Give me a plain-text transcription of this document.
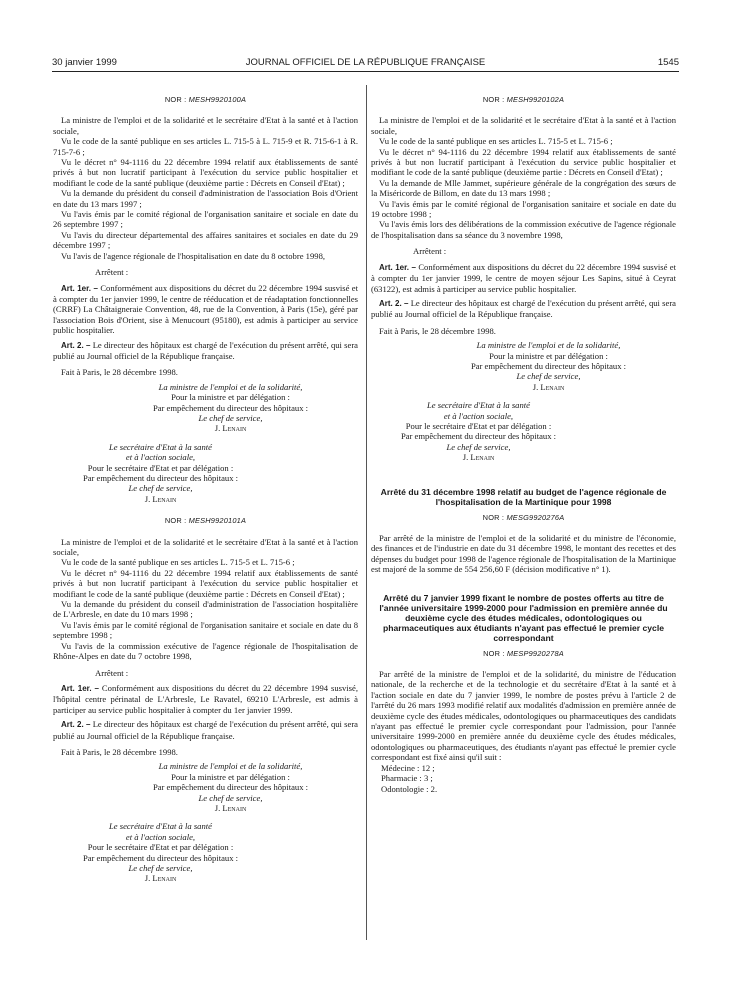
30 janvier 1999	JOURNAL OFFICIEL DE LA RÉPUBLIQUE FRANÇAISE	1545
NOR : MESH9920100A

La ministre de l'emploi et de la solidarité et le secrétaire d'Etat à la santé et à l'action sociale,

Vu le code de la santé publique en ses articles L. 715-5 à L. 715-9 et R. 715-6-1 à R. 715-7-6 ;

Vu le décret n° 94-1116 du 22 décembre 1994 relatif aux établissements de santé privés à but non lucratif participant à l'exécution du service public hospitalier et modifiant le code de la santé publique (deuxième partie : Décrets en Conseil d'Etat) ;

Vu la demande du président du conseil d'administration de l'association Bois d'Orient en date du 13 mars 1997 ;

Vu l'avis émis par le comité régional de l'organisation sanitaire et sociale en date du 26 septembre 1997 ;

Vu l'avis du directeur départemental des affaires sanitaires et sociales en date du 29 décembre 1997 ;

Vu l'avis de l'agence régionale de l'hospitalisation en date du 8 octobre 1998,

Arrêtent :

Art. 1er. – Conformément aux dispositions du décret du 22 décembre 1994 susvisé et à compter du 1er janvier 1999, le centre de rééducation et de réadaptation fonctionnelles (CRRF) La Châtaigneraie Convention, 48, rue de la Convention, à Paris (15e), géré par l'association Bois d'Orient, sise à Menucourt (95180), est admis à participer au service public hospitalier.

Art. 2. – Le directeur des hôpitaux est chargé de l'exécution du présent arrêté, qui sera publié au Journal officiel de la République française.

Fait à Paris, le 28 décembre 1998.

La ministre de l'emploi et de la solidarité,
Pour la ministre et par délégation :
Par empêchement du directeur des hôpitaux :
Le chef de service,
J. Lenain
Le secrétaire d'Etat à la santé
et à l'action sociale,
Pour le secrétaire d'Etat et par délégation :
Par empêchement du directeur des hôpitaux :
Le chef de service,
J. Lenain
NOR : MESH9920101A

La ministre de l'emploi et de la solidarité et le secrétaire d'Etat à la santé et à l'action sociale,

Vu le code de la santé publique en ses articles L. 715-5 et L. 715-6 ;

Vu le décret n° 94-1116 du 22 décembre 1994 relatif aux établissements de santé privés à but non lucratif participant à l'exécution du service public hospitalier et modifiant le code de la santé publique (deuxième partie : Décrets en Conseil d'Etat) ;

Vu la demande du président du conseil d'administration de l'association hospitalière de L'Arbresle, en date du 10 mars 1998 ;

Vu l'avis émis par le comité régional de l'organisation sanitaire et sociale en date du 8 septembre 1998 ;

Vu l'avis de la commission exécutive de l'agence régionale de l'hospitalisation de Rhône-Alpes en date du 7 octobre 1998,

Arrêtent :

Art. 1er. – Conformément aux dispositions du décret du 22 décembre 1994 susvisé, l'hôpital centre périnatal de L'Arbresle, Le Ravatel, 69210 L'Arbresle, est admis à participer au service public hospitalier à compter du 1er janvier 1999.

Art. 2. – Le directeur des hôpitaux est chargé de l'exécution du présent arrêté, qui sera publié au Journal officiel de la République française.

Fait à Paris, le 28 décembre 1998.

La ministre de l'emploi et de la solidarité,
Pour la ministre et par délégation :
Par empêchement du directeur des hôpitaux :
Le chef de service,
J. Lenain
Le secrétaire d'Etat à la santé
et à l'action sociale,
Pour le secrétaire d'Etat et par délégation :
Par empêchement du directeur des hôpitaux :
Le chef de service,
J. Lenain
NOR : MESH9920102A

La ministre de l'emploi et de la solidarité et le secrétaire d'Etat à la santé et à l'action sociale,

Vu le code de la santé publique en ses articles L. 715-5 et L. 715-6 ;

Vu le décret n° 94-1116 du 22 décembre 1994 relatif aux établissements de santé privés à but non lucratif participant à l'exécution du service public hospitalier et modifiant le code de la santé publique (deuxième partie : Décrets en Conseil d'Etat) ;

Vu la demande de Mlle Jammet, supérieure générale de la congrégation des sœurs de la Miséricorde de Billom, en date du 13 mars 1998 ;

Vu l'avis émis par le comité régional de l'organisation sanitaire et sociale en date du 19 octobre 1998 ;

Vu l'avis émis lors des délibérations de la commission exécutive de l'agence régionale de l'hospitalisation dans sa séance du 3 novembre 1998,

Arrêtent :

Art. 1er. – Conformément aux dispositions du décret du 22 décembre 1994 susvisé et à compter du 1er janvier 1999, le centre de moyen séjour Les Sapins, situé à Ceyrat (63122), est admis à participer au service public hospitalier.

Art. 2. – Le directeur des hôpitaux est chargé de l'exécution du présent arrêté, qui sera publié au Journal officiel de la République française.

Fait à Paris, le 28 décembre 1998.

La ministre de l'emploi et de la solidarité,
Pour la ministre et par délégation :
Par empêchement du directeur des hôpitaux :
Le chef de service,
J. Lenain
Le secrétaire d'Etat à la santé
et à l'action sociale,
Pour le secrétaire d'Etat et par délégation :
Par empêchement du directeur des hôpitaux :
Le chef de service,
J. Lenain
Arrêté du 31 décembre 1998 relatif au budget de l'agence régionale de l'hospitalisation de la Martinique pour 1998
NOR : MESG9920276A

Par arrêté de la ministre de l'emploi et de la solidarité et du ministre de l'économie, des finances et de l'industrie en date du 31 décembre 1998, le montant des recettes et des dépenses du budget pour 1998 de l'agence régionale de l'hospitalisation de la Martinique est majoré de la somme de 554 256,60 F (décision modificative n° 1).

Arrêté du 7 janvier 1999 fixant le nombre de postes offerts au titre de l'année universitaire 1999-2000 pour l'admission en première année du deuxième cycle des études médicales, odontologiques ou pharmaceutiques aux étudiants n'ayant pas effectué le premier cycle correspondant
NOR : MESP9920278A

Par arrêté de la ministre de l'emploi et de la solidarité, du ministre de l'éducation nationale, de la recherche et de la technologie et du secrétaire d'Etat à la santé et à l'action sociale en date du 7 janvier 1999, le nombre de postes prévu à l'article 2 de l'arrêté du 26 mars 1993 modifié relatif aux modalités d'admission en première année de deuxième cycle des études médicales, odontologiques ou pharmaceutiques des candidats n'ayant pas effectué le premier cycle correspondant pour l'admission, pour l'année universitaire 1999-2000 en première année du deuxième cycle des études médicales, odontologiques ou pharmaceutiques, des étudiants n'ayant pas effectué le premier cycle correspondant est fixé ainsi qu'il suit :

Médecine : 12 ;

Pharmacie : 3 ;

Odontologie : 2.
